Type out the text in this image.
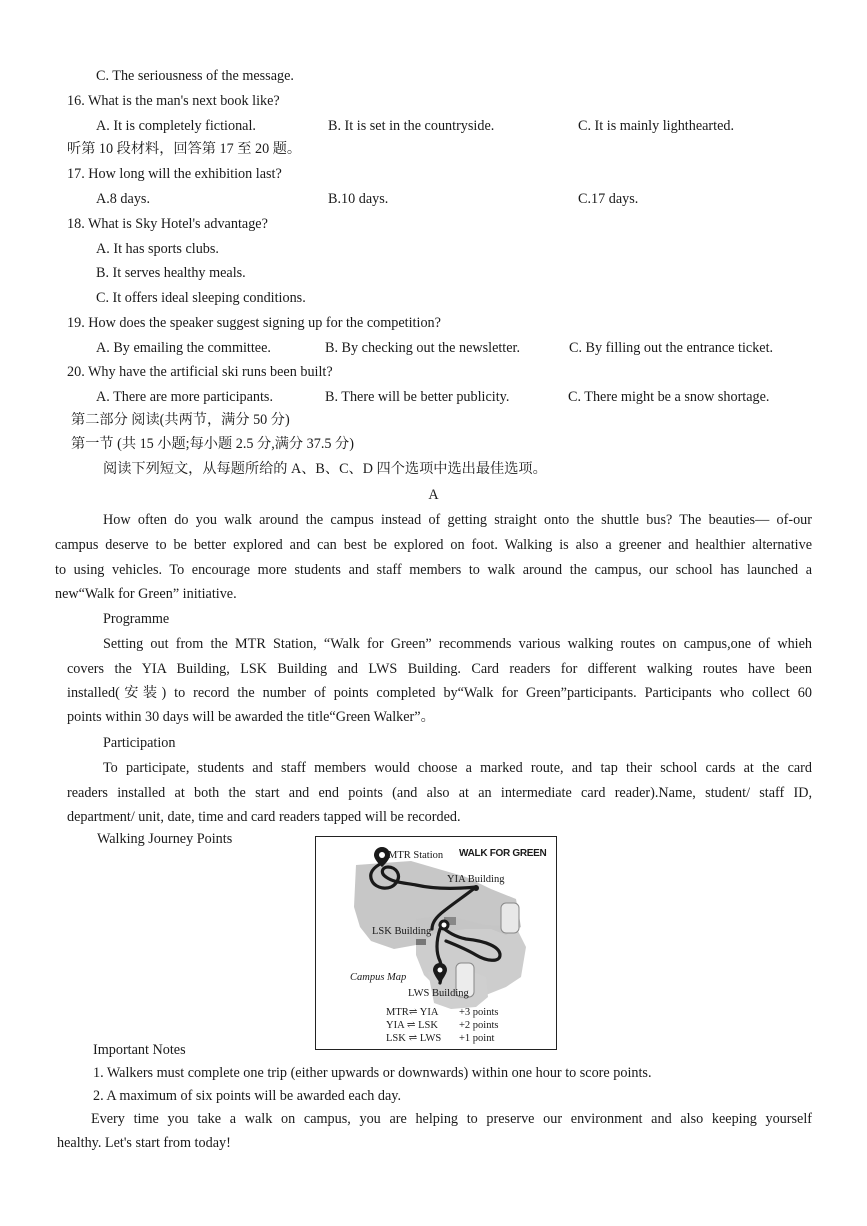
C. The seriousness of the message.
16. What is the man's next book like?
A. It is completely fictional.	B. It is set in the countryside.	C. It is mainly lighthearted.
听第 10 段材料，回答第 17 至 20 题。
17. How long will the exhibition last?
A.8 days.	B.10 days.	C.17 days.
18. What is Sky Hotel's advantage?
A. It has sports clubs.
B. It serves healthy meals.
C. It offers ideal sleeping conditions.
19. How does the speaker suggest signing up for the competition?
A. By emailing the committee.	B. By checking out the newsletter.	C. By filling out the entrance ticket.
20. Why have the artificial ski runs been built?
A. There are more participants.	B. There will be better publicity.	C. There might be a snow shortage.
第二部分 阅读(共两节，满分 50 分)
第一节 (共 15 小题;每小题 2.5 分,满分 37.5 分)
阅读下列短文，从每题所给的 A、B、C、D 四个选项中选出最佳选项。
A
How often do you walk around the campus instead of getting straight onto the shuttle bus? The beauties— of-our
campus deserve to be better explored and can best be explored on foot. Walking is also a greener and healthier alternative
to using vehicles. To encourage more students and staff members to walk around the campus, our school has launched a
new“Walk for Green” initiative.
Programme
Setting out from the MTR Station, “Walk for Green” recommends various walking routes on campus,one of whieh
covers the YIA Building, LSK Building and LWS Building. Card readers for different walking routes have been
installed(安装) to record the number of points completed by“Walk for Green”participants. Participants who collect 60
points within 30 days will be awarded the title“Green Walker”。
Participation
To participate, students and staff members would choose a marked route, and tap their school cards at the card
readers installed at both the start and end points (and also at an intermediate card reader).Name, student/ staff ID,
department/ unit, date, time and card readers tapped will be recorded.
Walking Journey Points
MTR Station WALK FOR GREEN
YIA Building
LSK Building
Campus Map
LWS Building
MTR⇌ YIA +3 points
YIA ⇌ LSK +2 points
LSK ⇌ LWS +1 point
Important Notes
1. Walkers must complete one trip (either upwards or downwards) within one hour to score points.
2. A maximum of six points will be awarded each day.
Every time you take a walk on campus, you are helping to preserve our environment and also keeping yourself
healthy. Let's start from today!
